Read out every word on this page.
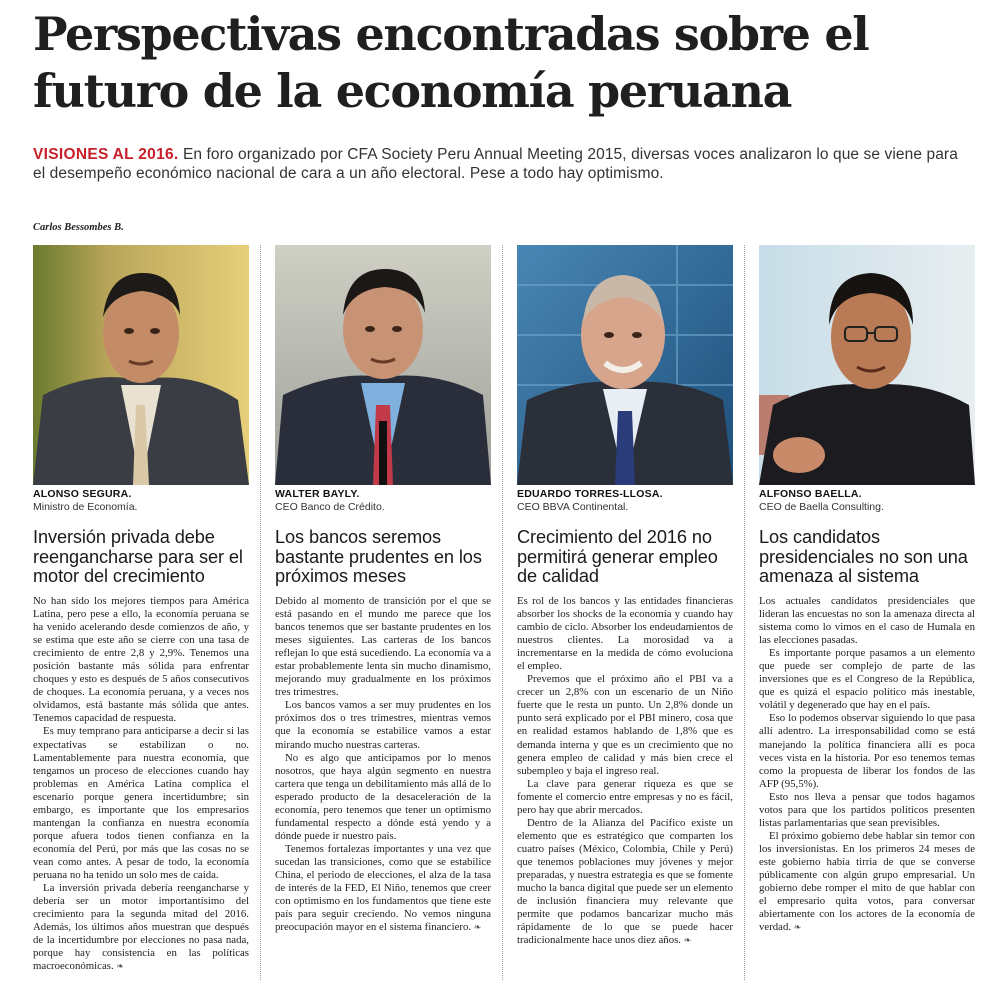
Perspectivas encontradas sobre el futuro de la economía peruana
VISIONES AL 2016. En foro organizado por CFA Society Peru Annual Meeting 2015, diversas voces analizaron lo que se viene para el desempeño económico nacional de cara a un año electoral. Pese a todo hay optimismo.
Carlos Bessombes B.
ALONSO SEGURA.
Ministro de Economía.
Inversión privada debe reengancharse para ser el motor del crecimiento

No han sido los mejores tiempos para América Latina, pero pese a ello, la economía peruana se ha venido acelerando desde comienzos de año, y se estima que este año se cierre con una tasa de crecimiento de entre 2,8 y 2,9%. Tenemos una posición bastante más sólida para enfrentar choques y esto es después de 5 años consecutivos de choques. La economía peruana, y a veces nos olvidamos, está bastante más sólida que antes. Tenemos capacidad de respuesta.

Es muy temprano para anticiparse a decir si las expectativas se estabilizan o no. Lamentablemente para nuestra economía, que tengamos un proceso de elecciones cuando hay problemas en América Latina complica el escenario porque genera incertidumbre; sin embargo, es importante que los empresarios mantengan la confianza en nuestra economía porque afuera todos tienen confianza en la economía del Perú, por más que las cosas no se vean como antes. A pesar de todo, la economía peruana no ha tenido un solo mes de caída.

La inversión privada debería reengancharse y debería ser un motor importantísimo del crecimiento para la segunda mitad del 2016. Además, los últimos años muestran que después de la incertidumbre por elecciones no pasa nada, porque hay consistencia en las políticas macroeconómicas. ❧

WALTER BAYLY.
CEO Banco de Crédito.
Los bancos seremos bastante prudentes en los próximos meses

Debido al momento de transición por el que se está pasando en el mundo me parece que los bancos tenemos que ser bastante prudentes en los meses siguientes. Las carteras de los bancos reflejan lo que está sucediendo. La economía va a estar probablemente lenta sin mucho dinamismo, mejorando muy gradualmente en los próximos tres trimestres.

Los bancos vamos a ser muy prudentes en los próximos dos o tres trimestres, mientras vemos que la economía se estabilice vamos a estar mirando mucho nuestras carteras.

No es algo que anticipamos por lo menos nosotros, que haya algún segmento en nuestra cartera que tenga un debilitamiento más allá de lo esperado producto de la desaceleración de la economía, pero tenemos que tener un optimismo fundamental respecto a dónde está yendo y a dónde puede ir nuestro país.

Tenemos fortalezas importantes y una vez que sucedan las transiciones, como que se estabilice China, el periodo de elecciones, el alza de la tasa de interés de la FED, El Niño, tenemos que creer con optimismo en los fundamentos que tiene este país para seguir creciendo. No vemos ninguna preocupación mayor en el sistema financiero. ❧

EDUARDO TORRES-LLOSA.
CEO BBVA Continental.
Crecimiento del 2016 no permitirá generar empleo de calidad

Es rol de los bancos y las entidades financieras absorber los shocks de la economía y cuando hay cambio de ciclo. Absorber los endeudamientos de nuestros clientes. La morosidad va a incrementarse en la medida de cómo evoluciona el empleo.

Prevemos que el próximo año el PBI va a crecer un 2,8% con un escenario de un Niño fuerte que le resta un punto. Un 2,8% donde un punto será explicado por el PBI minero, cosa que en realidad estamos hablando de 1,8% que es demanda interna y que es un crecimiento que no genera empleo de calidad y más bien crece el subempleo y baja el ingreso real.

La clave para generar riqueza es que se fomente el comercio entre empresas y no es fácil, pero hay que abrir mercados.

Dentro de la Alianza del Pacífico existe un elemento que es estratégico que comparten los cuatro países (México, Colombia, Chile y Perú) que tenemos poblaciones muy jóvenes y mejor preparadas, y nuestra estrategia es que se fomente mucho la banca digital que puede ser un elemento de inclusión financiera muy relevante que permite que podamos bancarizar mucho más rápidamente de lo que se puede hacer tradicionalmente hace unos diez años. ❧

ALFONSO BAELLA.
CEO de Baella Consulting.
Los candidatos presidenciales no son una amenaza al sistema

Los actuales candidatos presidenciales que lideran las encuestas no son la amenaza directa al sistema como lo vimos en el caso de Humala en las elecciones pasadas.

Es importante porque pasamos a un elemento que puede ser complejo de parte de las inversiones que es el Congreso de la República, que es quizá el espacio político más inestable, volátil y degenerado que hay en el país.

Eso lo podemos observar siguiendo lo que pasa allí adentro. La irresponsabilidad como se está manejando la política financiera allí es poca veces vista en la historia. Por eso tenemos temas como la propuesta de liberar los fondos de las AFP (95,5%).

Esto nos lleva a pensar que todos hagamos votos para que los partidos políticos presenten listas parlamentarias que sean previsibles.

El próximo gobierno debe hablar sin temor con los inversionistas. En los primeros 24 meses de este gobierno había tirria de que se converse públicamente con algún grupo empresarial. Un gobierno debe romper el mito de que hablar con el empresario quita votos, para conversar abiertamente con los actores de la economía de verdad. ❧
